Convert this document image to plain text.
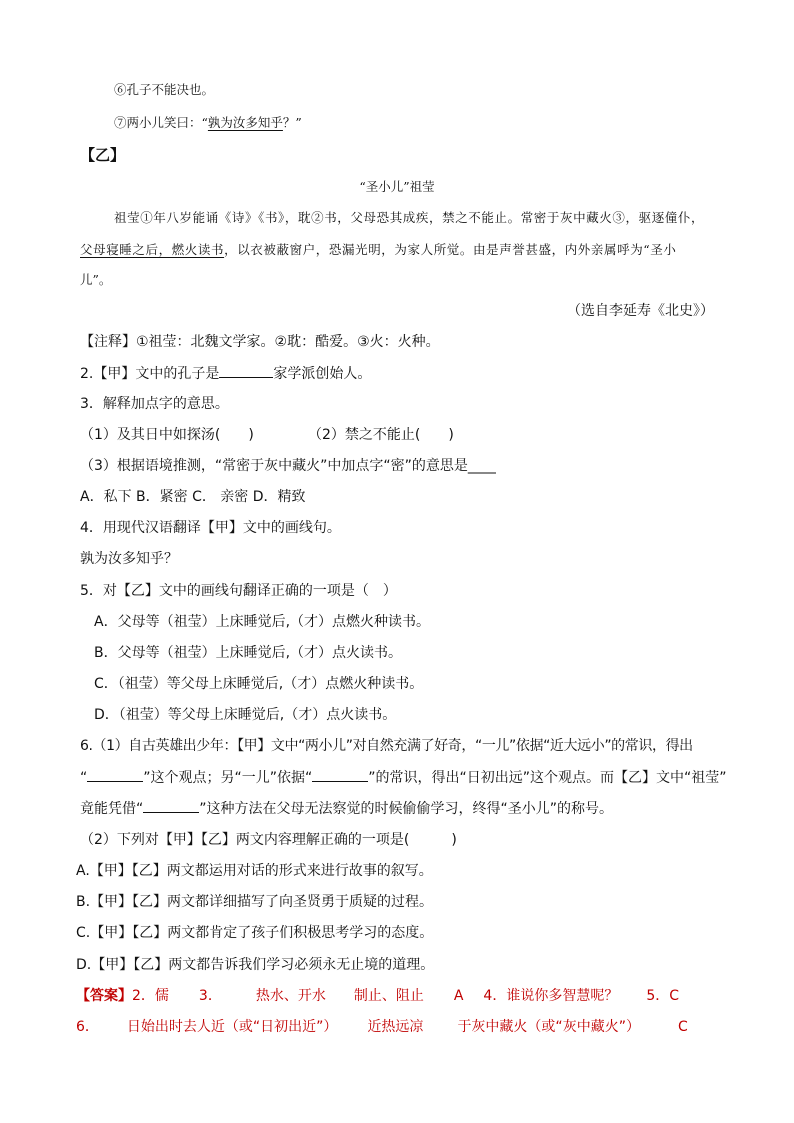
⑥孔子不能决也。
⑦两小儿笑曰：“孰为汝多知乎？”
【乙】
“圣小儿”祖莹
祖莹①年八岁能诵《诗》《书》，耽②书，父母恐其成疾，禁之不能止。常密于灰中藏火③，驱逐僮仆，
父母寝睡之后，燃火读书，以衣被蔽窗户，恐漏光明，为家人所觉。由是声誉甚盛，内外亲属呼为“圣小
儿”。
（选自李延寿《北史》）
【注释】①祖莹：北魏文学家。②耽：酷爱。③火：火种。
2.【甲】文中的孔子是	家学派创始人。
3．解释加点字的意思。
（1）及其日中如探汤(　　)	（2）禁之不能止(　　)
（3）根据语境推测，“常密于灰中藏火”中加点字“密”的意思是____
A．私下 B．紧密 C． 亲密 D．精致
4．用现代汉语翻译【甲】文中的画线句。
孰为汝多知乎？
5．对【乙】文中的画线句翻译正确的一项是（　）
A．父母等（祖莹）上床睡觉后,（才）点燃火种读书。
B．父母等（祖莹）上床睡觉后,（才）点火读书。
C．（祖莹）等父母上床睡觉后,（才）点燃火种读书。
D．（祖莹）等父母上床睡觉后,（才）点火读书。
6.（1）自古英雄出少年：【甲】文中“两小儿”对自然充满了好奇，“一儿”依据“近大远小”的常识，得出
“	”这个观点；另“一儿”依据“	”的常识，得出“日初出远”这个观点。而【乙】文中“祖莹”
竟能凭借“	”这种方法在父母无法察觉的时候偷偷学习，终得“圣小儿”的称号。
（2）下列对【甲】【乙】两文内容理解正确的一项是(　　　)
A.【甲】【乙】两文都运用对话的形式来进行故事的叙写。
B.【甲】【乙】两文都详细描写了向圣贤勇于质疑的过程。
C.【甲】【乙】两文都肯定了孩子们积极思考学习的态度。
D.【甲】【乙】两文都告诉我们学习必须永无止境的道理。
【答案】2．儒 3． 热水、开水 制止、阻止 A 4．谁说你多智慧呢？ 5．C
6． 日始出时去人近（或“日初出近”） 近热远凉 于灰中藏火（或“灰中藏火”）	C
